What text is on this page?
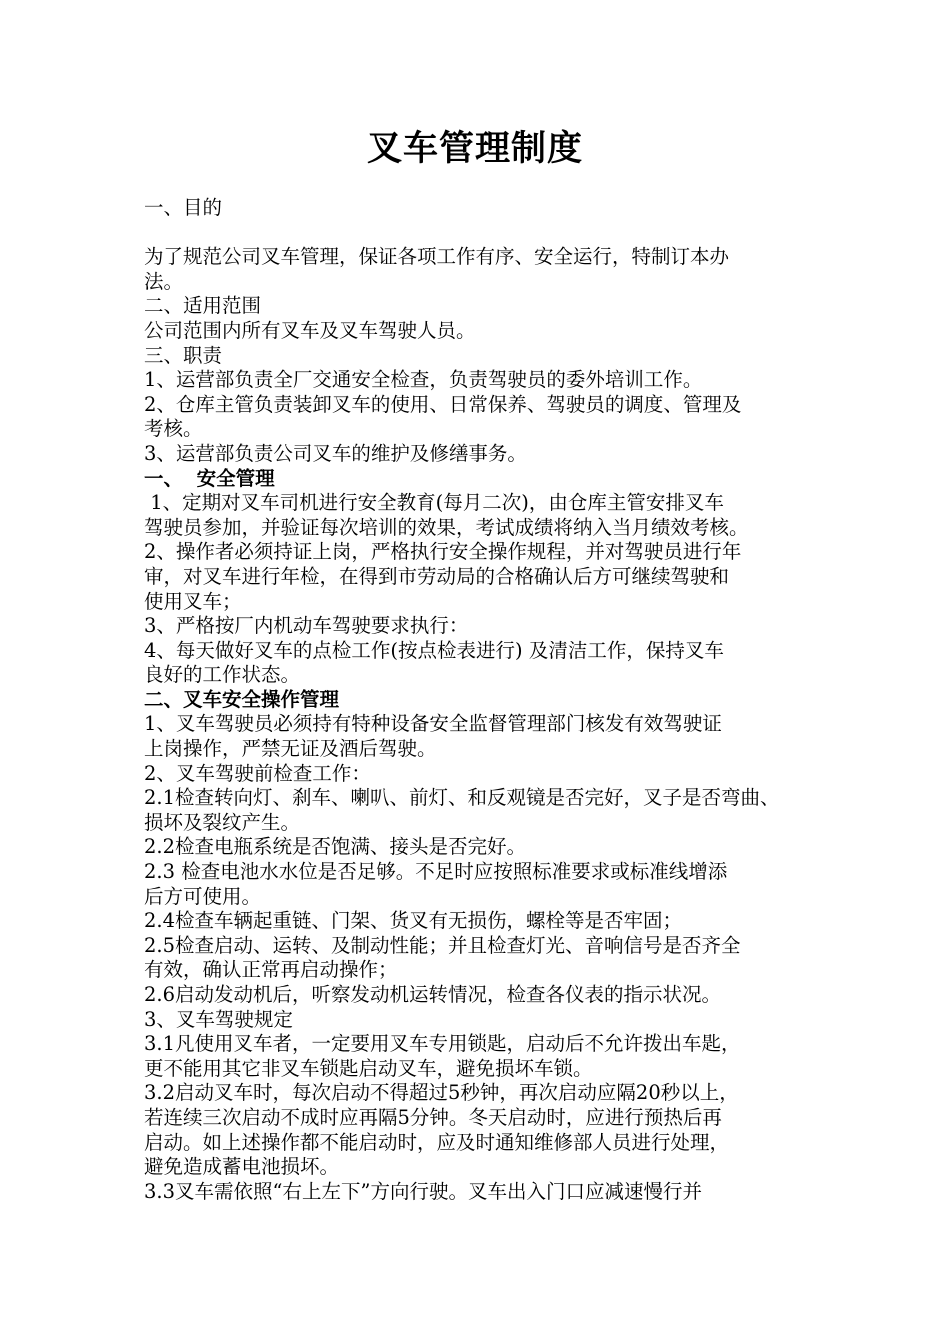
叉车管理制度

一、目的

为了规范公司叉车管理，保证各项工作有序、安全运行，特制订本办

法。

二、适用范围

公司范围内所有叉车及叉车驾驶人员。

三、职责

1、运营部负责全厂交通安全检查，负责驾驶员的委外培训工作。

2、仓库主管负责装卸叉车的使用、日常保养、驾驶员的调度、管理及

考核。

3、运营部负责公司叉车的维护及修缮事务。

一、  安全管理

1、定期对叉车司机进行安全教育(每月二次)，由仓库主管安排叉车

驾驶员参加，并验证每次培训的效果，考试成绩将纳入当月绩效考核。

2、操作者必须持证上岗，严格执行安全操作规程，并对驾驶员进行年

审，对叉车进行年检，在得到市劳动局的合格确认后方可继续驾驶和

使用叉车；

3、严格按厂内机动车驾驶要求执行：

4、每天做好叉车的点检工作(按点检表进行) 及清洁工作，保持叉车

良好的工作状态。

二、叉车安全操作管理

1、叉车驾驶员必须持有特种设备安全监督管理部门核发有效驾驶证

上岗操作，严禁无证及酒后驾驶。

2、叉车驾驶前检查工作：

2.1检查转向灯、刹车、喇叭、前灯、和反观镜是否完好，叉子是否弯曲、

损坏及裂纹产生。

2.2检查电瓶系统是否饱满、接头是否完好。

2.3 检查电池水水位是否足够。不足时应按照标准要求或标准线增添

后方可使用。

2.4检查车辆起重链、门架、货叉有无损伤，螺栓等是否牢固；

2.5检查启动、运转、及制动性能；并且检查灯光、音响信号是否齐全

有效，确认正常再启动操作；

2.6启动发动机后，听察发动机运转情况，检查各仪表的指示状况。

3、叉车驾驶规定

3.1凡使用叉车者，一定要用叉车专用锁匙，启动后不允许拨出车匙，

更不能用其它非叉车锁匙启动叉车，避免损坏车锁。

3.2启动叉车时，每次启动不得超过5秒钟，再次启动应隔20秒以上，

若连续三次启动不成时应再隔5分钟。冬天启动时，应进行预热后再

启动。如上述操作都不能启动时，应及时通知维修部人员进行处理，

避免造成蓄电池损坏。

3.3叉车需依照“右上左下”方向行驶。叉车出入门口应减速慢行并
